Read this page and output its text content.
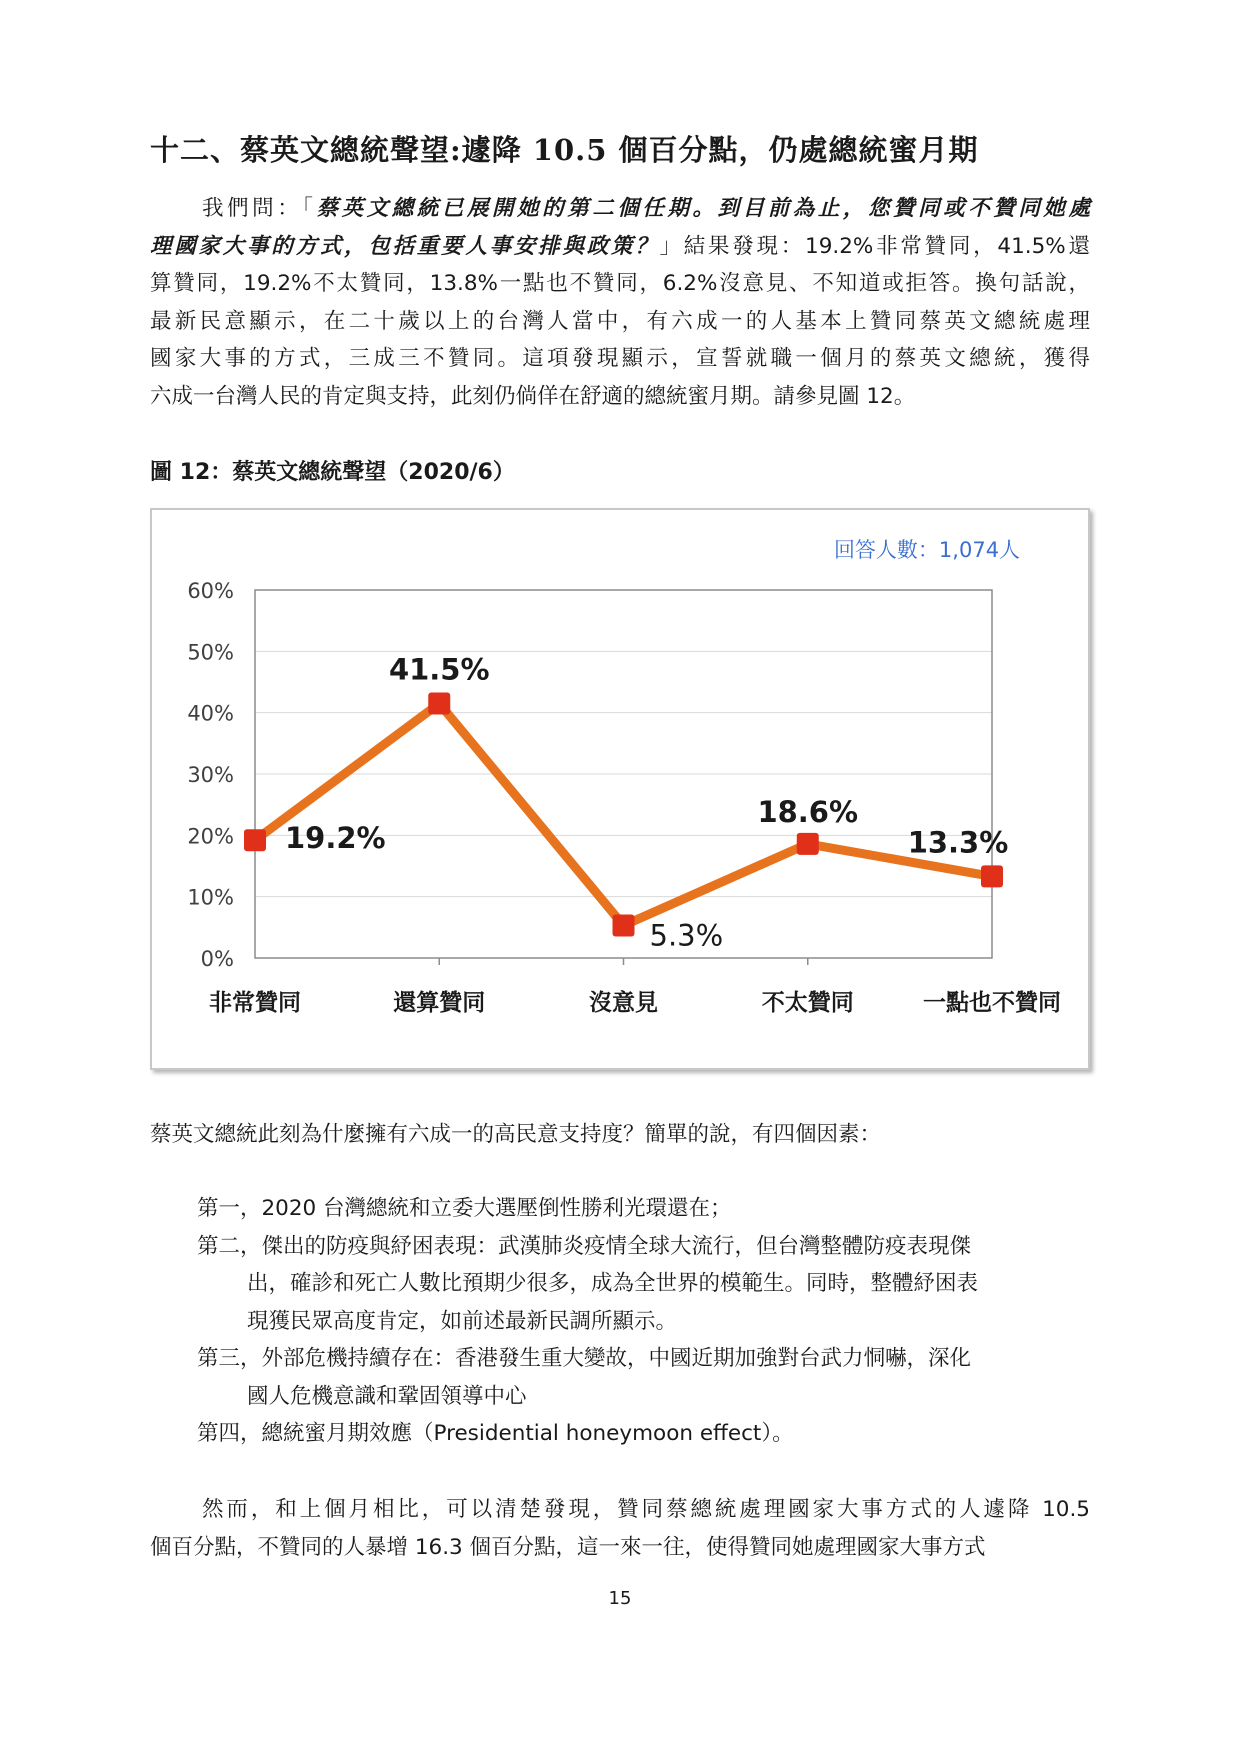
十二、蔡英文總統聲望:遽降 10.5 個百分點，仍處總統蜜月期
我們問：「蔡英文總統已展開她的第二個任期。到目前為止，您贊同或不贊同她處
理國家大事的方式，包括重要人事安排與政策？」結果發現：19.2%非常贊同，41.5%還
算贊同，19.2%不太贊同，13.8%一點也不贊同，6.2%沒意見、不知道或拒答。換句話說，
最新民意顯示，在二十歲以上的台灣人當中，有六成一的人基本上贊同蔡英文總統處理
國家大事的方式，三成三不贊同。這項發現顯示，宣誓就職一個月的蔡英文總統，獲得
六成一台灣人民的肯定與支持，此刻仍倘佯在舒適的總統蜜月期。請參見圖 12。
圖 12：蔡英文總統聲望（2020/6）
回答人數：1,074人
0%
10%
20%
30%
40%
50%
60%
19.2%
41.5%
5.3%
18.6%
13.3%
非常贊同	還算贊同	沒意見	不太贊同	一點也不贊同
蔡英文總統此刻為什麼擁有六成一的高民意支持度？簡單的說，有四個因素：
第一，2020 台灣總統和立委大選壓倒性勝利光環還在；
第二，傑出的防疫與紓困表現：武漢肺炎疫情全球大流行，但台灣整體防疫表現傑
出，確診和死亡人數比預期少很多，成為全世界的模範生。同時，整體紓困表
現獲民眾高度肯定，如前述最新民調所顯示。
第三，外部危機持續存在：香港發生重大變故，中國近期加強對台武力恫嚇，深化
國人危機意識和鞏固領導中心
第四，總統蜜月期效應（Presidential honeymoon effect）。
然而，和上個月相比，可以清楚發現，贊同蔡總統處理國家大事方式的人遽降 10.5
個百分點，不贊同的人暴增 16.3 個百分點，這一來一往，使得贊同她處理國家大事方式
15
